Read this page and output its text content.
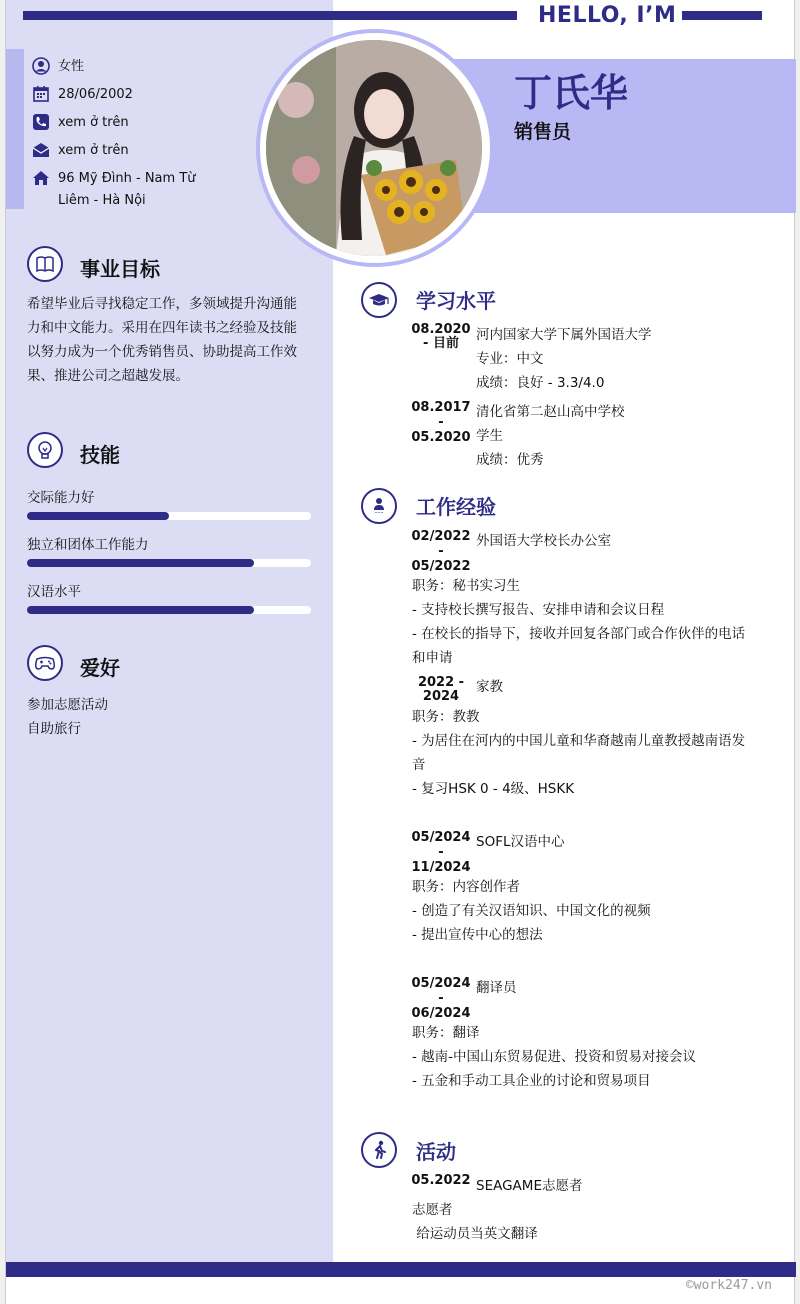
HELLO, I’M
丁氏华
销售员
女性
28/06/2002
xem ở trên
xem ở trên
96 Mỹ Đình - Nam Từ
Liêm - Hà Nội
事业目标
希望毕业后寻找稳定工作，多领域提升沟通能
力和中文能力。采用在四年读书之经验及技能
以努力成为一个优秀销售员、协助提高工作效
果、推进公司之超越发展。
技能
交际能力好
独立和团体工作能力
汉语水平
爱好
参加志愿活动
自助旅行
学习水平
08.2020
- 目前
河内国家大学下属外国语大学
专业：中文
成绩：良好 - 3.3/4.0
08.2017
-
05.2020
清化省第二赵山高中学校
学生
成绩：优秀
工作经验
02/2022
-
05/2022
外国语大学校长办公室
职务：秘书实习生
- 支持校长撰写报告、安排申请和会议日程
- 在校长的指导下，接收并回复各部门或合作伙伴的电话
和申请
2022 -
2024
家教
职务：教教
- 为居住在河内的中国儿童和华裔越南儿童教授越南语发
音
- 复习HSK 0 - 4级、HSKK
05/2024
-
11/2024
SOFL汉语中心
职务：内容创作者
- 创造了有关汉语知识、中国文化的视频
- 提出宣传中心的想法
05/2024
-
06/2024
翻译员
职务：翻译
- 越南-中国山东贸易促进、投资和贸易对接会议
- 五金和手动工具企业的讨论和贸易项目
活动
05.2022 SEAGAME志愿者
志愿者
给运动员当英文翻译
©work247.vn
